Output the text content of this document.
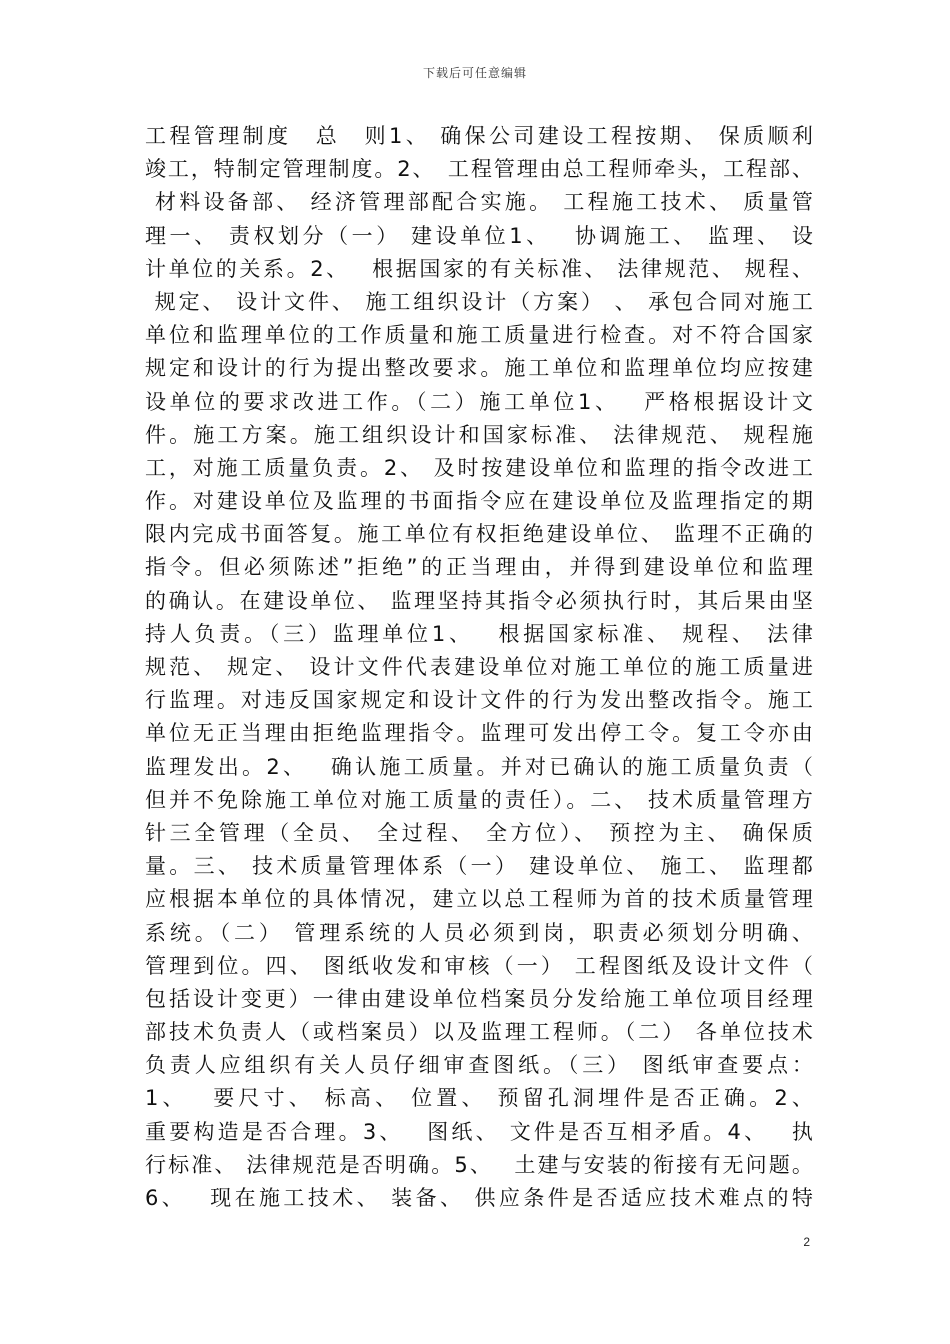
下载后可任意编辑
工程管理制度　总　则1、 确保公司建设工程按期、 保质顺利
竣工，特制定管理制度。2、　工程管理由总工程师牵头，工程部、
材料设备部、 经济管理部配合实施。 工程施工技术、 质量管
理一、 责权划分（一） 建设单位1、　 协调施工、 监理、 设
计单位的关系。2、　 根据国家的有关标准、 法律规范、 规程、
规定、 设计文件、 施工组织设计（方案） 、 承包合同对施工
单位和监理单位的工作质量和施工质量进行检查。对不符合国家
规定和设计的行为提出整改要求。施工单位和监理单位均应按建
设单位的要求改进工作。（二）施工单位1、　 严格根据设计文
件。施工方案。施工组织设计和国家标准、 法律规范、 规程施
工，对施工质量负责。2、 及时按建设单位和监理的指令改进工
作。对建设单位及监理的书面指令应在建设单位及监理指定的期
限内完成书面答复。施工单位有权拒绝建设单位、 监理不正确的
指令。但必须陈述”拒绝”的正当理由，并得到建设单位和监理
的确认。在建设单位、 监理坚持其指令必须执行时，其后果由坚
持人负责。（三）监理单位1、　 根据国家标准、 规程、 法律
规范、 规定、 设计文件代表建设单位对施工单位的施工质量进
行监理。对违反国家规定和设计文件的行为发出整改指令。施工
单位无正当理由拒绝监理指令。监理可发出停工令。复工令亦由
监理发出。2、　 确认施工质量。并对已确认的施工质量负责（
但并不免除施工单位对施工质量的责任）。二、 技术质量管理方
针三全管理（全员、 全过程、 全方位）、 预控为主、 确保质
量。三、 技术质量管理体系（一） 建设单位、 施工、 监理都
应根据本单位的具体情况，建立以总工程师为首的技术质量管理
系统。（二） 管理系统的人员必须到岗，职责必须划分明确、
管理到位。四、 图纸收发和审核（一） 工程图纸及设计文件（
包括设计变更）一律由建设单位档案员分发给施工单位项目经理
部技术负责人（或档案员）以及监理工程师。（二） 各单位技术
负责人应组织有关人员仔细审查图纸。（三） 图纸审查要点：
1、　 要尺寸、 标高、 位置、 预留孔洞埋件是否正确。2、
重要构造是否合理。3、　 图纸、 文件是否互相矛盾。4、　 执
行标准、 法律规范是否明确。5、　 土建与安装的衔接有无问题。
6、　 现在施工技术、 装备、 供应条件是否适应技术难点的特
2
